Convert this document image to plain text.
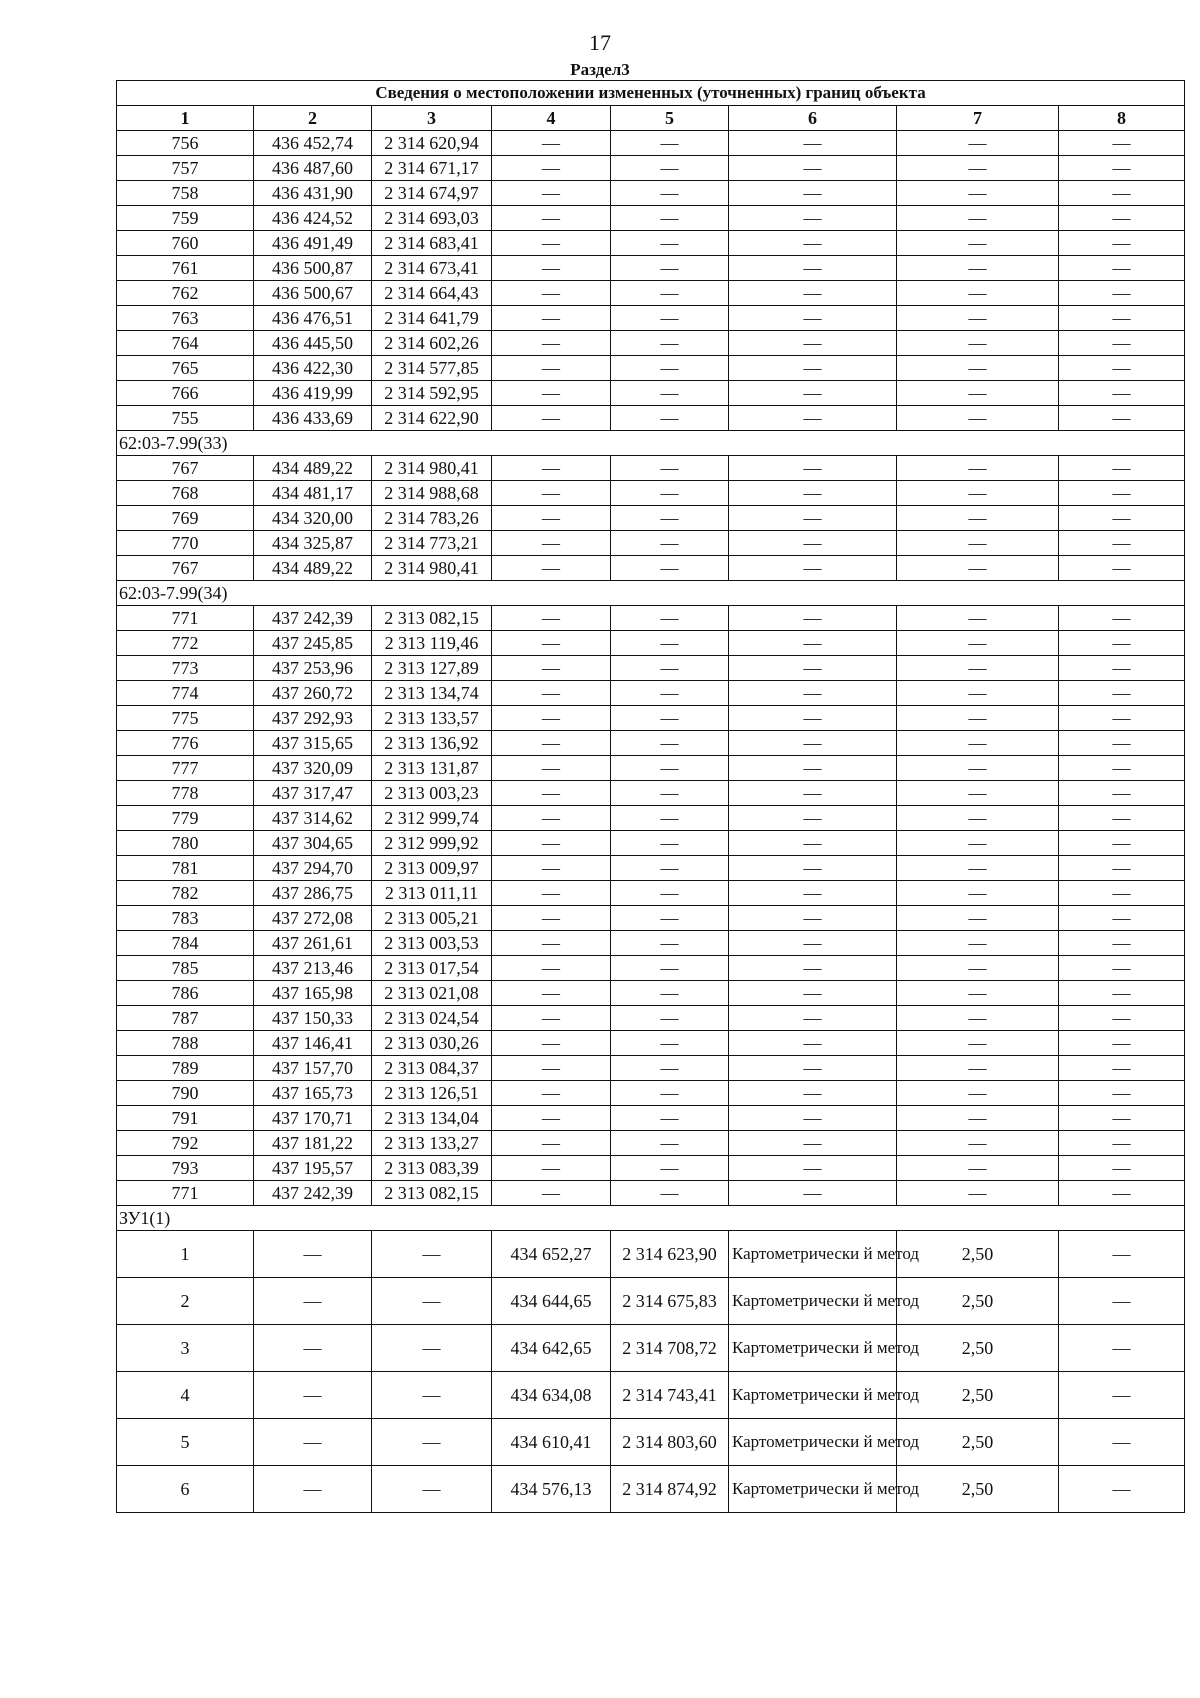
17
Раздел3
Сведения о местоположении измененных (уточненных) границ объекта							
1	2	3	4	5	6	7	8
756	436 452,74	2 314 620,94	—	—	—	—	—
757	436 487,60	2 314 671,17	—	—	—	—	—
758	436 431,90	2 314 674,97	—	—	—	—	—
759	436 424,52	2 314 693,03	—	—	—	—	—
760	436 491,49	2 314 683,41	—	—	—	—	—
761	436 500,87	2 314 673,41	—	—	—	—	—
762	436 500,67	2 314 664,43	—	—	—	—	—
763	436 476,51	2 314 641,79	—	—	—	—	—
764	436 445,50	2 314 602,26	—	—	—	—	—
765	436 422,30	2 314 577,85	—	—	—	—	—
766	436 419,99	2 314 592,95	—	—	—	—	—
755	436 433,69	2 314 622,90	—	—	—	—	—
62:03-7.99(33)							
767	434 489,22	2 314 980,41	—	—	—	—	—
768	434 481,17	2 314 988,68	—	—	—	—	—
769	434 320,00	2 314 783,26	—	—	—	—	—
770	434 325,87	2 314 773,21	—	—	—	—	—
767	434 489,22	2 314 980,41	—	—	—	—	—
62:03-7.99(34)							
771	437 242,39	2 313 082,15	—	—	—	—	—
772	437 245,85	2 313 119,46	—	—	—	—	—
773	437 253,96	2 313 127,89	—	—	—	—	—
774	437 260,72	2 313 134,74	—	—	—	—	—
775	437 292,93	2 313 133,57	—	—	—	—	—
776	437 315,65	2 313 136,92	—	—	—	—	—
777	437 320,09	2 313 131,87	—	—	—	—	—
778	437 317,47	2 313 003,23	—	—	—	—	—
779	437 314,62	2 312 999,74	—	—	—	—	—
780	437 304,65	2 312 999,92	—	—	—	—	—
781	437 294,70	2 313 009,97	—	—	—	—	—
782	437 286,75	2 313 011,11	—	—	—	—	—
783	437 272,08	2 313 005,21	—	—	—	—	—
784	437 261,61	2 313 003,53	—	—	—	—	—
785	437 213,46	2 313 017,54	—	—	—	—	—
786	437 165,98	2 313 021,08	—	—	—	—	—
787	437 150,33	2 313 024,54	—	—	—	—	—
788	437 146,41	2 313 030,26	—	—	—	—	—
789	437 157,70	2 313 084,37	—	—	—	—	—
790	437 165,73	2 313 126,51	—	—	—	—	—
791	437 170,71	2 313 134,04	—	—	—	—	—
792	437 181,22	2 313 133,27	—	—	—	—	—
793	437 195,57	2 313 083,39	—	—	—	—	—
771	437 242,39	2 313 082,15	—	—	—	—	—
ЗУ1(1)							
1	—	—	434 652,27	2 314 623,90	Картометрически й метод	2,50	—
2	—	—	434 644,65	2 314 675,83	Картометрически й метод	2,50	—
3	—	—	434 642,65	2 314 708,72	Картометрически й метод	2,50	—
4	—	—	434 634,08	2 314 743,41	Картометрически й метод	2,50	—
5	—	—	434 610,41	2 314 803,60	Картометрически й метод	2,50	—
6	—	—	434 576,13	2 314 874,92	Картометрически й метод	2,50	—
